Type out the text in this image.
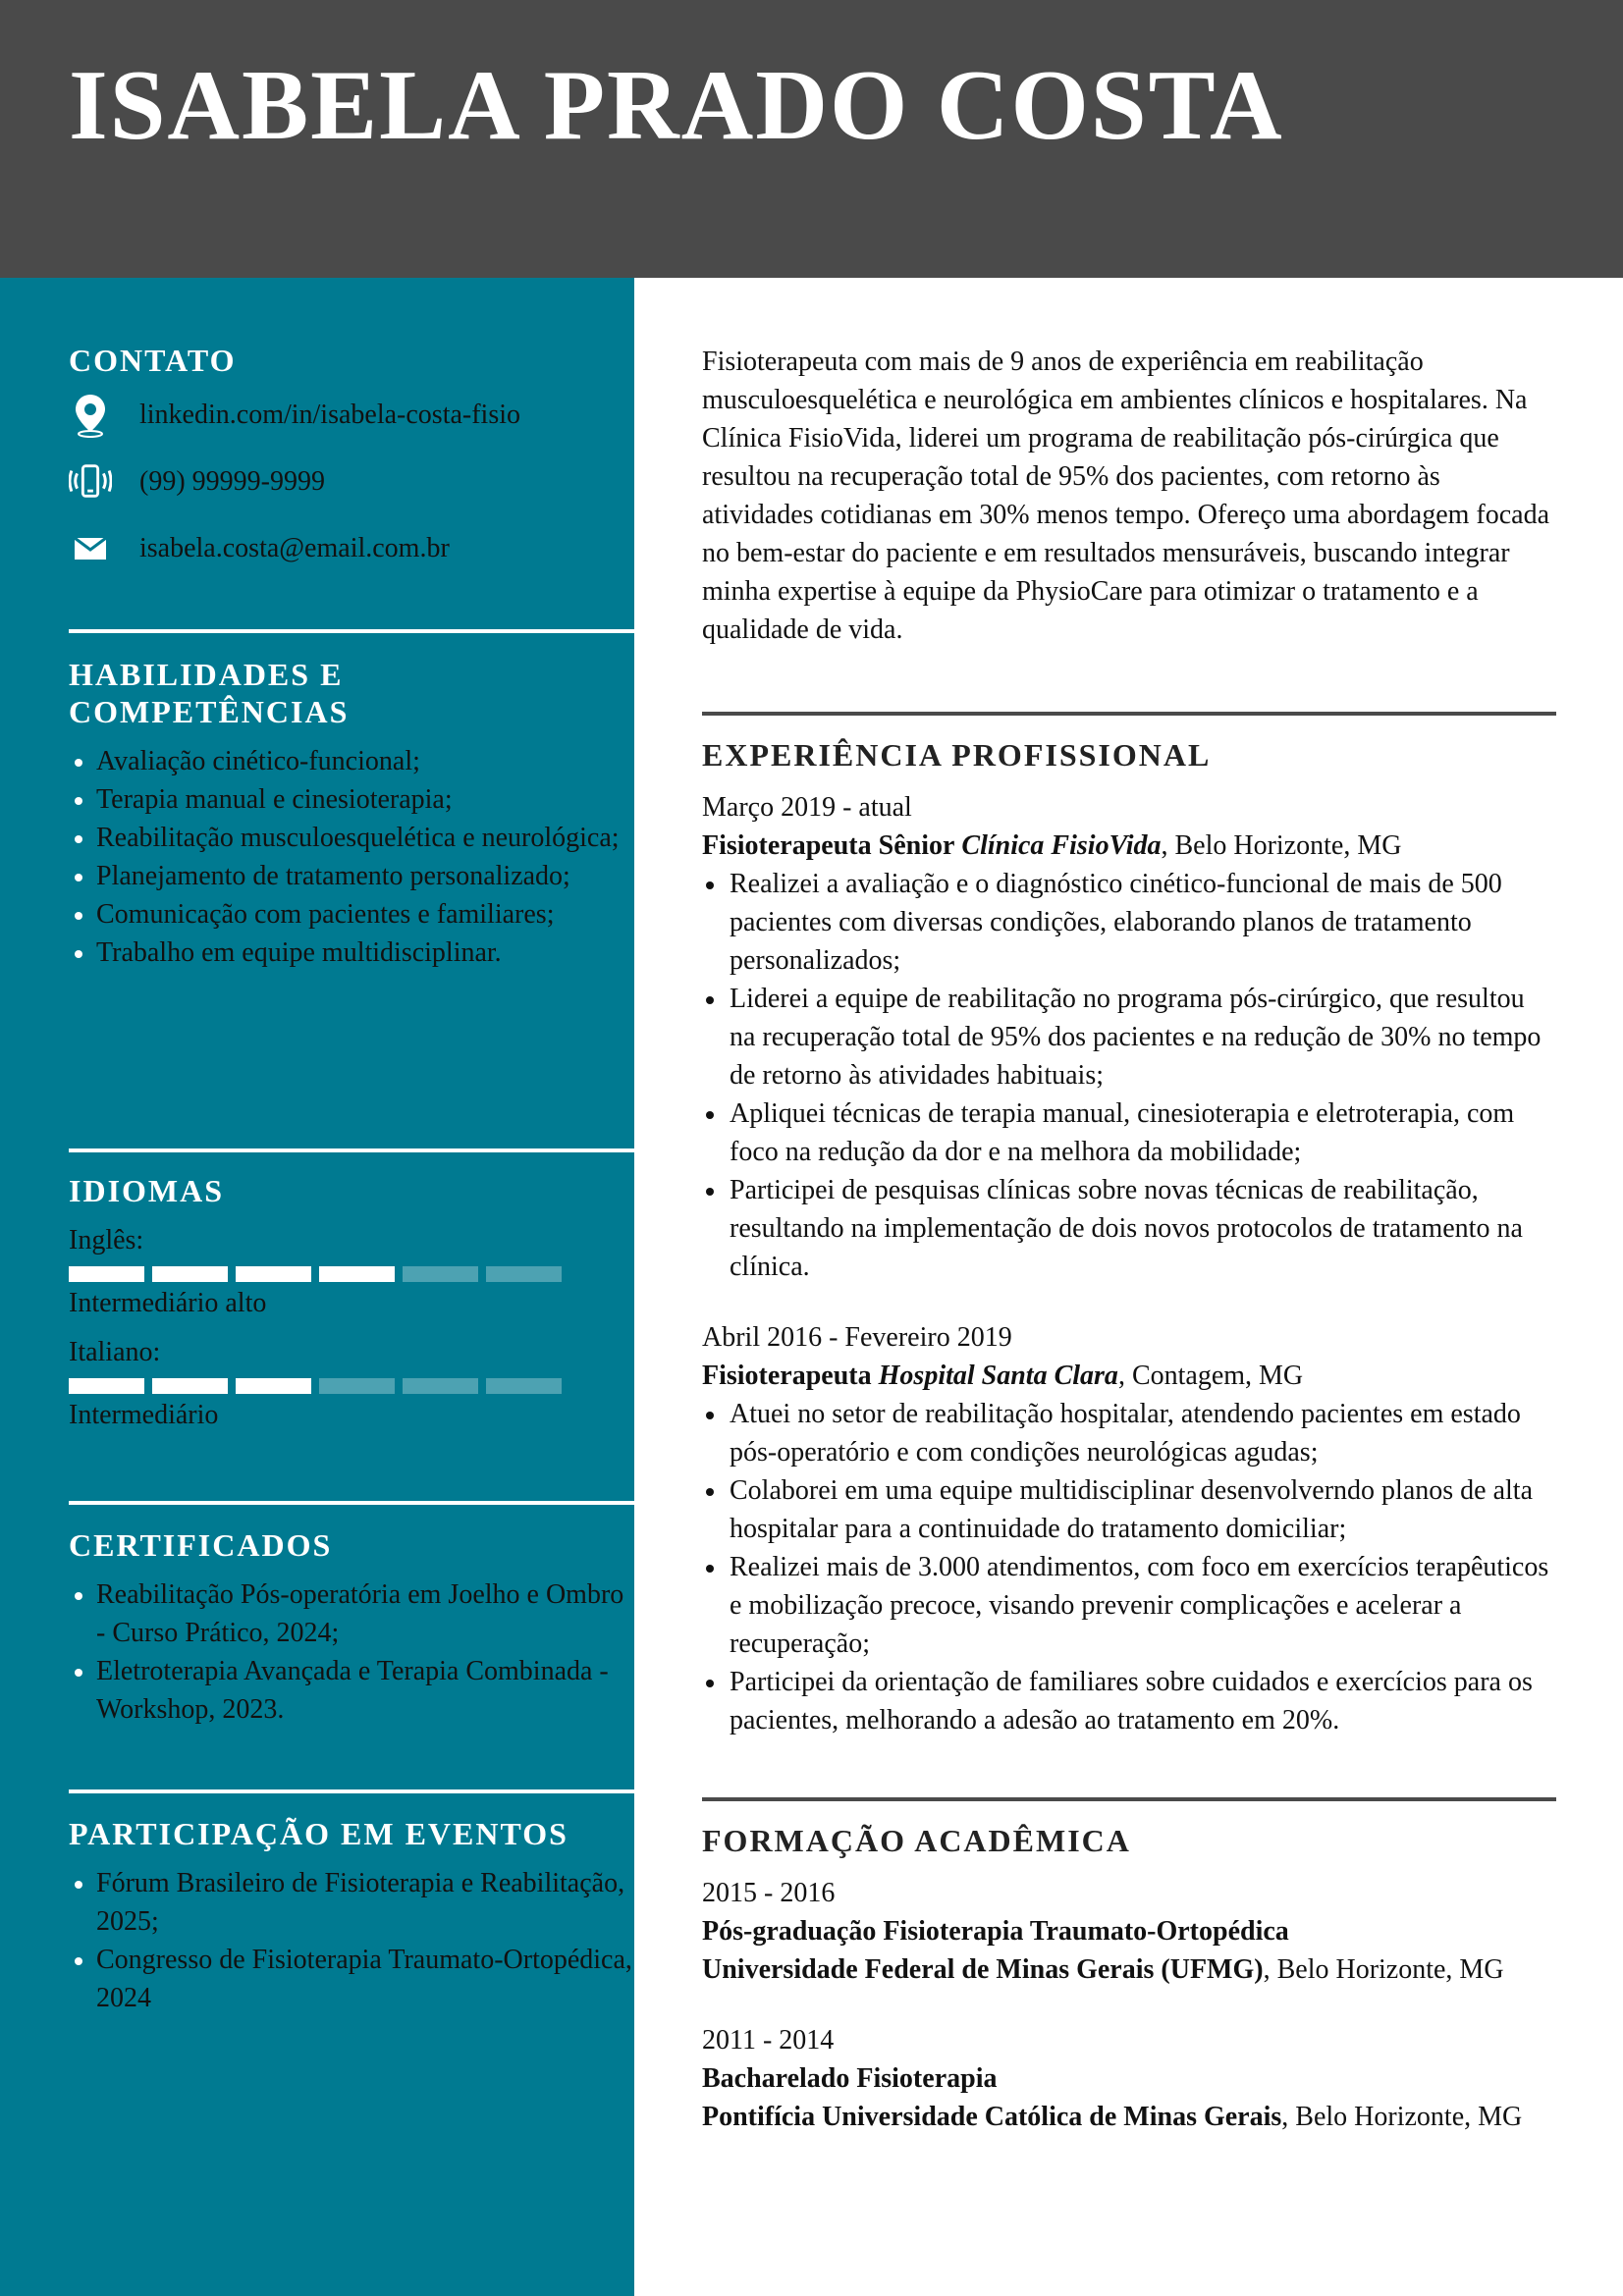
ISABELA PRADO COSTA
CONTATO
linkedin.com/in/isabela-costa-fisio
(99) 99999-9999
isabela.costa@email.com.br
HABILIDADES E
COMPETÊNCIAS
Avaliação cinético-funcional;
Terapia manual e cinesioterapia;
Reabilitação musculoesquelética e neurológica;
Planejamento de tratamento personalizado;
Comunicação com pacientes e familiares;
Trabalho em equipe multidisciplinar.
IDIOMAS
Inglês:
Intermediário alto
Italiano:
Intermediário
CERTIFICADOS
Reabilitação Pós-operatória em Joelho e Ombro - Curso Prático, 2024;
Eletroterapia Avançada e Terapia Combinada - Workshop, 2023.
PARTICIPAÇÃO EM EVENTOS
Fórum Brasileiro de Fisioterapia e Reabilitação, 2025;
Congresso de Fisioterapia Traumato-Ortopédica, 2024
Fisioterapeuta com mais de 9 anos de experiência em reabilitação musculoesquelética e neurológica em ambientes clínicos e hospitalares. Na Clínica FisioVida, liderei um programa de reabilitação pós-cirúrgica que resultou na recuperação total de 95% dos pacientes, com retorno às atividades cotidianas em 30% menos tempo. Ofereço uma abordagem focada no bem-estar do paciente e em resultados mensuráveis, buscando integrar minha expertise à equipe da PhysioCare para otimizar o tratamento e a qualidade de vida.
EXPERIÊNCIA PROFISSIONAL
Março 2019 - atual
Fisioterapeuta Sênior Clínica FisioVida, Belo Horizonte, MG
Realizei a avaliação e o diagnóstico cinético-funcional de mais de 500 pacientes com diversas condições, elaborando planos de tratamento personalizados;
Liderei a equipe de reabilitação no programa pós-cirúrgico, que resultou na recuperação total de 95% dos pacientes e na redução de 30% no tempo de retorno às atividades habituais;
Apliquei técnicas de terapia manual, cinesioterapia e eletroterapia, com foco na redução da dor e na melhora da mobilidade;
Participei de pesquisas clínicas sobre novas técnicas de reabilitação, resultando na implementação de dois novos protocolos de tratamento na clínica.
Abril 2016 - Fevereiro 2019
Fisioterapeuta Hospital Santa Clara, Contagem, MG
Atuei no setor de reabilitação hospitalar, atendendo pacientes em estado pós-operatório e com condições neurológicas agudas;
Colaborei em uma equipe multidisciplinar desenvolverndo planos de alta hospitalar para a continuidade do tratamento domiciliar;
Realizei mais de 3.000 atendimentos, com foco em exercícios terapêuticos e mobilização precoce, visando prevenir complicações e acelerar a recuperação;
Participei da orientação de familiares sobre cuidados e exercícios para os pacientes, melhorando a adesão ao tratamento em 20%.
FORMAÇÃO ACADÊMICA
2015 - 2016
Pós-graduação Fisioterapia Traumato-Ortopédica
Universidade Federal de Minas Gerais (UFMG), Belo Horizonte, MG
2011 - 2014
Bacharelado Fisioterapia
Pontifícia Universidade Católica de Minas Gerais, Belo Horizonte, MG
